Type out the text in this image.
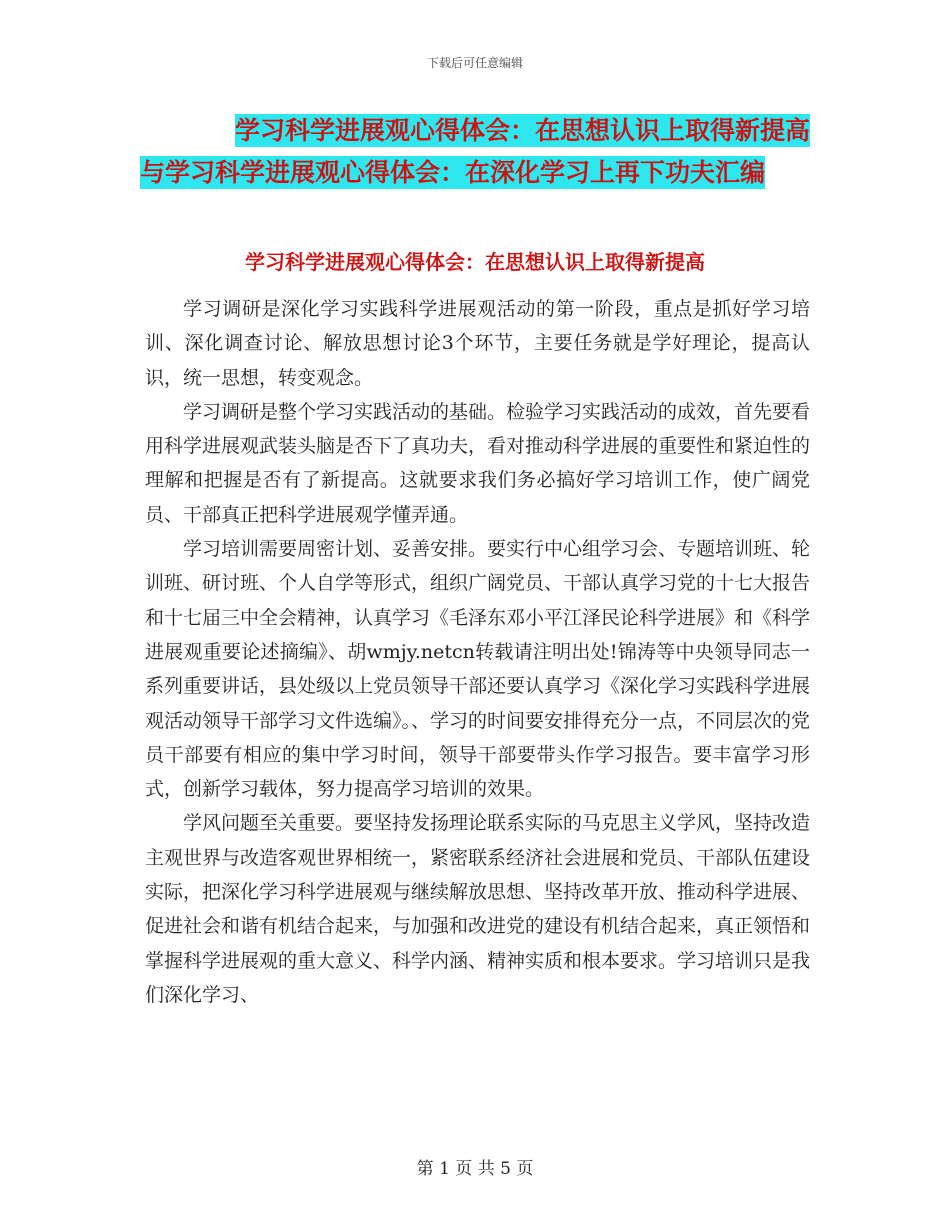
下载后可任意编辑
学习科学进展观心得体会：在思想认识上取得新提高
与学习科学进展观心得体会：在深化学习上再下功夫汇编
学习科学进展观心得体会：在思想认识上取得新提高

学习调研是深化学习实践科学进展观活动的第一阶段，重点是抓好学习培训、深化调查讨论、解放思想讨论3个环节，主要任务就是学好理论，提高认识，统一思想，转变观念。

学习调研是整个学习实践活动的基础。检验学习实践活动的成效，首先要看用科学进展观武装头脑是否下了真功夫，看对推动科学进展的重要性和紧迫性的理解和把握是否有了新提高。这就要求我们务必搞好学习培训工作，使广阔党员、干部真正把科学进展观学懂弄通。

学习培训需要周密计划、妥善安排。要实行中心组学习会、专题培训班、轮训班、研讨班、个人自学等形式，组织广阔党员、干部认真学习党的十七大报告和十七届三中全会精神，认真学习《毛泽东邓小平江泽民论科学进展》和《科学进展观重要论述摘编》、胡wmjy.netcn转载请注明出处!锦涛等中央领导同志一系列重要讲话，县处级以上党员领导干部还要认真学习《深化学习实践科学进展观活动领导干部学习文件选编》。、学习的时间要安排得充分一点，不同层次的党员干部要有相应的集中学习时间，领导干部要带头作学习报告。要丰富学习形式，创新学习载体，努力提高学习培训的效果。

学风问题至关重要。要坚持发扬理论联系实际的马克思主义学风，坚持改造主观世界与改造客观世界相统一，紧密联系经济社会进展和党员、干部队伍建设实际，把深化学习科学进展观与继续解放思想、坚持改革开放、推动科学进展、促进社会和谐有机结合起来，与加强和改进党的建设有机结合起来，真正领悟和掌握科学进展观的重大意义、科学内涵、精神实质和根本要求。学习培训只是我们深化学习、

第 1 页 共 5 页
